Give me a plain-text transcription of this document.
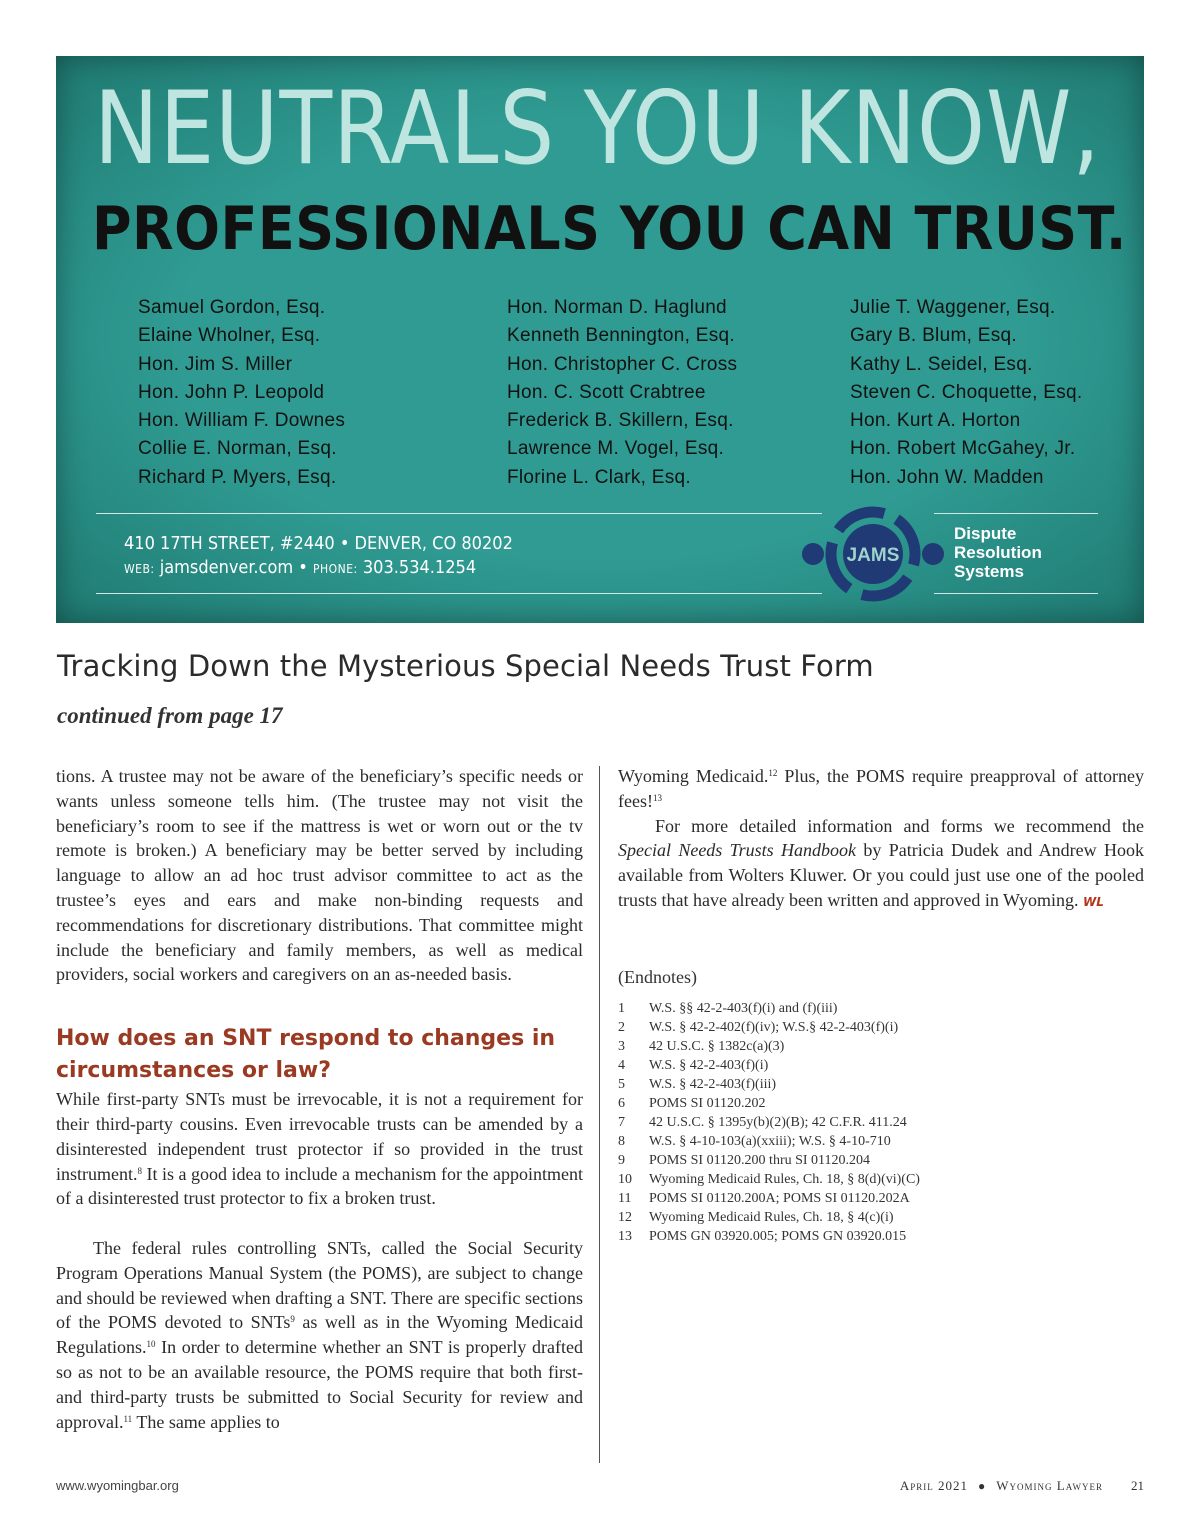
NEUTRALS YOU KNOW,
PROFESSIONALS YOU CAN TRUST.
Samuel Gordon, Esq.
Elaine Wholner, Esq.
Hon. Jim S. Miller
Hon. John P. Leopold
Hon. William F. Downes
Collie E. Norman, Esq.
Richard P. Myers, Esq.
Hon. Norman D. Haglund
Kenneth Bennington, Esq.
Hon. Christopher C. Cross
Hon. C. Scott Crabtree
Frederick B. Skillern, Esq.
Lawrence M. Vogel, Esq.
Florine L. Clark, Esq.
Julie T. Waggener, Esq.
Gary B. Blum, Esq.
Kathy L. Seidel, Esq.
Steven C. Choquette, Esq.
Hon. Kurt A. Horton
Hon. Robert McGahey, Jr.
Hon. John W. Madden
410 17TH STREET, #2440 • DENVER, CO 80202
WEB: jamsdenver.com • PHONE: 303.534.1254
JAMS
Dispute
Resolution
Systems
Tracking Down the Mysterious Special Needs Trust Form
continued from page 17

tions. A trustee may not be aware of the beneficiary’s specific needs or wants unless someone tells him. (The trustee may not visit the beneficiary’s room to see if the mattress is wet or worn out or the tv remote is broken.) A beneficiary may be better served by including language to allow an ad hoc trust advisor committee to act as the trustee’s eyes and ears and make non-binding requests and recommendations for discretionary distributions. That committee might include the beneficiary and family members, as well as medical providers, social workers and caregivers on an as-needed basis.

How does an SNT respond to changes in circumstances or law?

While first-party SNTs must be irrevocable, it is not a requirement for their third-party cousins. Even irrevocable trusts can be amended by a disinterested independent trust protector if so provided in the trust instrument.$^8$ It is a good idea to include a mechanism for the appointment of a disinterested trust protector to fix a broken trust.

The federal rules controlling SNTs, called the Social Security Program Operations Manual System (the POMS), are subject to change and should be reviewed when drafting a SNT. There are specific sections of the POMS devoted to SNTs$^9$ as well as in the Wyoming Medicaid Regulations.$^{10}$ In order to determine whether an SNT is properly drafted so as not to be an available resource, the POMS require that both first- and third-party trusts be submitted to Social Security for review and approval.$^{11}$ The same applies to

Wyoming Medicaid.$^{12}$ Plus, the POMS require preapproval of attorney fees!$^{13}$

For more detailed information and forms we recommend the Special Needs Trusts Handbook by Patricia Dudek and Andrew Hook available from Wolters Kluwer. Or you could just use one of the pooled trusts that have already been written and approved in Wyoming. WL

(Endnotes)
1	W.S. §§ 42-2-403(f)(i) and (f)(iii)
2	W.S. § 42-2-402(f)(iv); W.S.§ 42-2-403(f)(i)
3	42 U.S.C. § 1382c(a)(3)
4	W.S. § 42-2-403(f)(i)
5	W.S. § 42-2-403(f)(iii)
6	POMS SI 01120.202
7	42 U.S.C. § 1395y(b)(2)(B); 42 C.F.R. 411.24
8	W.S. § 4-10-103(a)(xxiii); W.S. § 4-10-710
9	POMS SI 01120.200 thru SI 01120.204
10	Wyoming Medicaid Rules, Ch. 18, § 8(d)(vi)(C)
11	POMS SI 01120.200A; POMS SI 01120.202A
12	Wyoming Medicaid Rules, Ch. 18, § 4(c)(i)
13	POMS GN 03920.005; POMS GN 03920.015
www.wyomingbar.org	April 2021 ● Wyoming Lawyer 21
